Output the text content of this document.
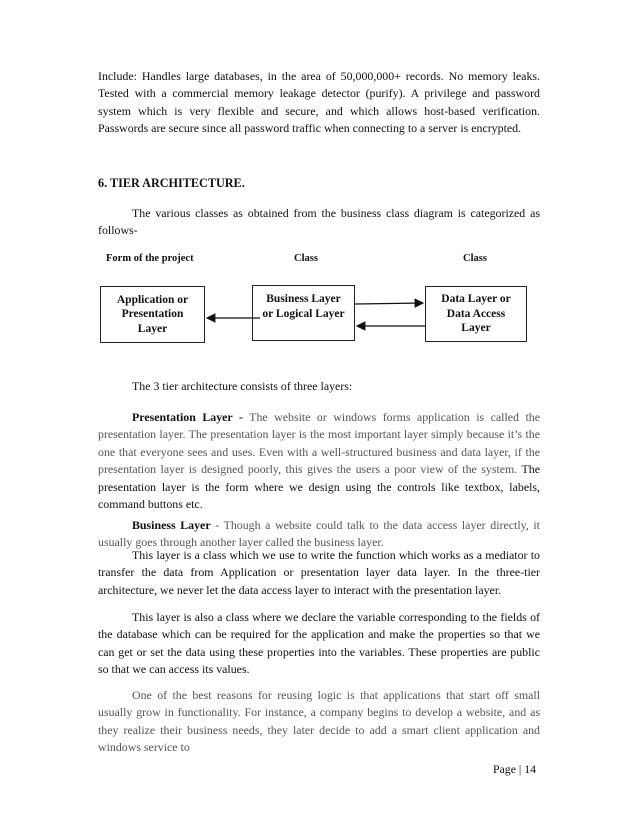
Include: Handles large databases, in the area of 50,000,000+ records. No memory leaks. Tested with a commercial memory leakage detector (purify). A privilege and password system which is very flexible and secure, and which allows host-based verification. Passwords are secure since all password traffic when connecting to a server is encrypted.

6. TIER ARCHITECTURE.

The various classes as obtained from the business class diagram is categorized as follows-

Form of the project	Class	Class
Application or
Presentation
Layer
Business Layer
or Logical Layer
Data Layer or
Data Access
Layer

The 3 tier architecture consists of three layers:

Presentation Layer - The website or windows forms application is called the presentation layer. The presentation layer is the most important layer simply because it’s the one that everyone sees and uses. Even with a well-structured business and data layer, if the presentation layer is designed poorly, this gives the users a poor view of the system. The presentation layer is the form where we design using the controls like textbox, labels, command buttons etc.

Business Layer - Though a website could talk to the data access layer directly, it usually goes through another layer called the business layer.

This layer is a class which we use to write the function which works as a mediator to transfer the data from Application or presentation layer data layer. In the three-tier architecture, we never let the data access layer to interact with the presentation layer.

This layer is also a class where we declare the variable corresponding to the fields of the database which can be required for the application and make the properties so that we can get or set the data using these properties into the variables. These properties are public so that we can access its values.

One of the best reasons for reusing logic is that applications that start off small usually grow in functionality. For instance, a company begins to develop a website, and as they realize their business needs, they later decide to add a smart client application and windows service to

Page | 14
